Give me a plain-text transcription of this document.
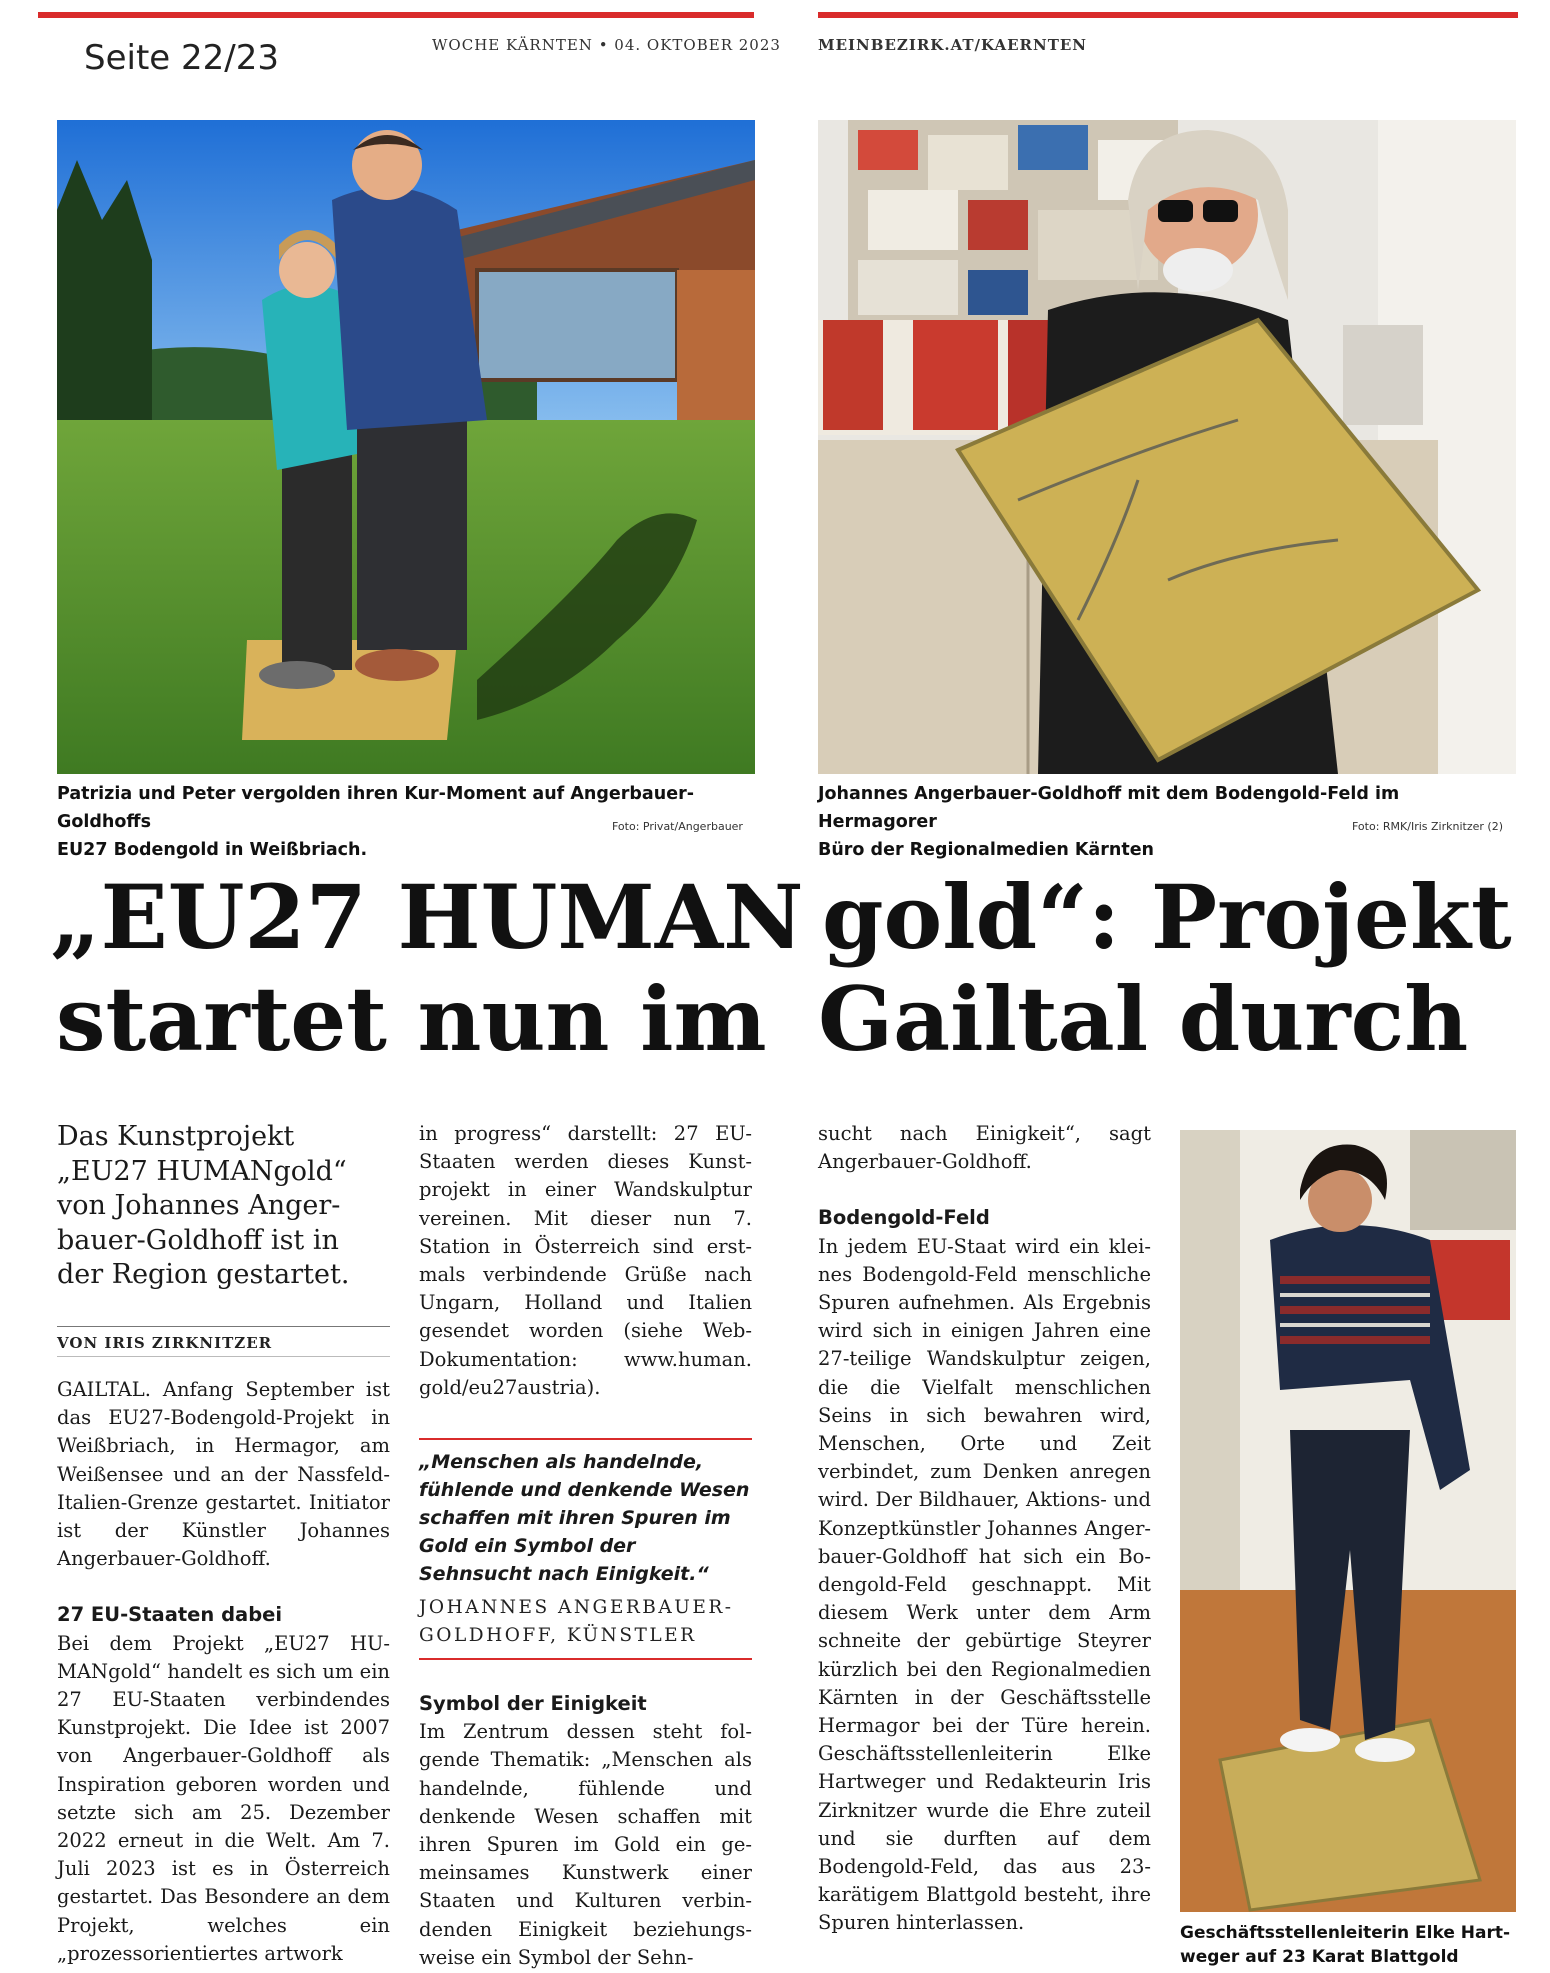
Seite 22/23	WOCHE KÄRNTEN • 04. OKTOBER 2023 MEINBEZIRK.AT/KAERNTEN
Patrizia und Peter vergolden ihren Kur-Moment auf Angerbauer-Goldhoffs
EU27 Bodengold in Weißbriach.
Foto: Privat/Angerbauer
Johannes Angerbauer-Goldhoff mit dem Bodengold-Feld im Hermagorer
Büro der Regionalmedien Kärnten
Foto: RMK/Iris Zirknitzer (2)
„EU27 HUMAN
startet nun im
gold“: Projekt
Gailtal durch
Das Kunstprojekt
„EU27 HUMANgold“
von Johannes Anger-
bauer-Goldhoff ist in
der Region gestartet.
VON IRIS ZIRKNITZER

GAILTAL. Anfang September ist das EU27-Bodengold-Projekt in Weißbriach, in Hermagor, am Weißensee und an der Nassfeld-Italien-Grenze gestartet. Initiator ist der Künstler Johannes Angerbauer-Goldhoff.

27 EU-Staaten dabei

Bei dem Projekt „EU27 HUMANgold“ handelt es sich um ein 27 EU-Staaten verbindendes Kunstprojekt. Die Idee ist 2007 von Angerbauer-Goldhoff als Inspiration geboren worden und setzte sich am 25. Dezember 2022 erneut in die Welt. Am 7. Juli 2023 ist es in Österreich gestartet. Das Besondere an dem Projekt, welches ein „prozessorientiertes artwork

in progress“ darstellt: 27 EU-Staaten werden dieses Kunstprojekt in einer Wandskulptur vereinen. Mit dieser nun 7. Station in Österreich sind erstmals verbindende Grüße nach Ungarn, Holland und Italien gesendet worden (siehe Web-Dokumentation: www.human. gold/eu27austria).

„Menschen als handelnde, fühlende und denkende Wesen schaffen mit ihren Spuren im Gold ein Symbol der Sehnsucht nach Einigkeit.“
JOHANNES ANGERBAUER-
GOLDHOFF, KÜNSTLER
Symbol der Einigkeit

Im Zentrum dessen steht folgende Thematik: „Menschen als handelnde, fühlende und denkende Wesen schaffen mit ihren Spuren im Gold ein gemeinsames Kunstwerk einer Staaten und Kulturen verbindenden Einigkeit beziehungsweise ein Symbol der Sehn-

sucht nach Einigkeit“, sagt Angerbauer-Goldhoff.

Bodengold-Feld

In jedem EU-Staat wird ein kleines Bodengold-Feld menschliche Spuren aufnehmen. Als Ergebnis wird sich in einigen Jahren eine 27-teilige Wandskulptur zeigen, die die Vielfalt menschlichen Seins in sich bewahren wird, Menschen, Orte und Zeit verbindet, zum Denken anregen wird. Der Bildhauer, Aktions- und Konzeptkünstler Johannes Angerbauer-Goldhoff hat sich ein Bodengold-Feld geschnappt. Mit diesem Werk unter dem Arm schneite der gebürtige Steyrer kürzlich bei den Regionalmedien Kärnten in der Geschäftsstelle Hermagor bei der Türe herein. Geschäftsstellenleiterin Elke Hartweger und Redakteurin Iris Zirknitzer wurde die Ehre zuteil und sie durften auf dem Bodengold-Feld, das aus 23-karätigem Blattgold besteht, ihre Spuren hinterlassen.	Geschäftsstellenleiterin Elke Hart-
weger auf 23 Karat Blattgold
